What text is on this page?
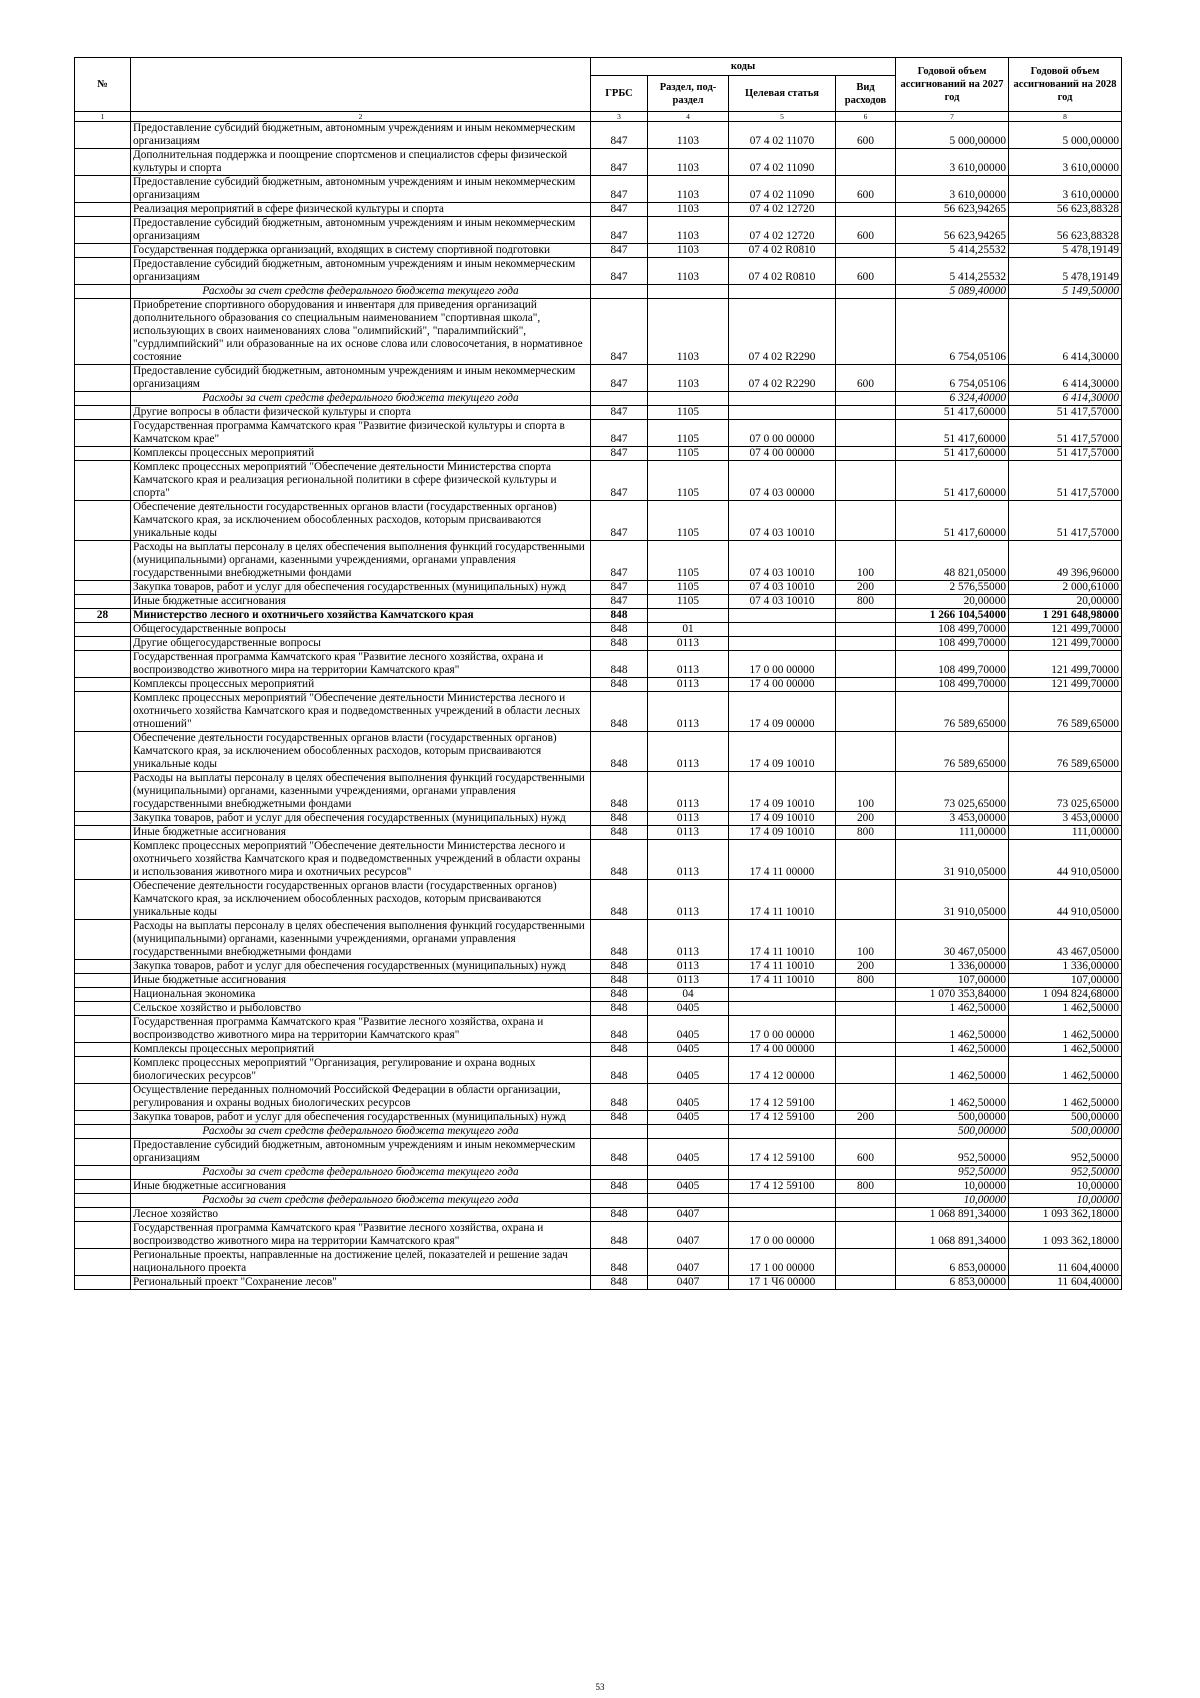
№		коды				Годовой объем ассигнований на 2027 год	Годовой объем ассигнований на 2028 год
		ГРБС	Раздел, под- раздел	Целевая статья	Вид расходов		
1	2	3	4	5	6	7	8
	Предоставление субсидий бюджетным, автономным учреждениям и иным некоммерческим организациям	847	1103	07 4 02 11070	600	5 000,00000	5 000,00000
	Дополнительная поддержка и поощрение спортсменов и специалистов сферы физической культуры и спорта	847	1103	07 4 02 11090		3 610,00000	3 610,00000
	Предоставление субсидий бюджетным, автономным учреждениям и иным некоммерческим организациям	847	1103	07 4 02 11090	600	3 610,00000	3 610,00000
	Реализация мероприятий в сфере физической культуры и спорта	847	1103	07 4 02 12720		56 623,94265	56 623,88328
	Предоставление субсидий бюджетным, автономным учреждениям и иным некоммерческим организациям	847	1103	07 4 02 12720	600	56 623,94265	56 623,88328
	Государственная поддержка организаций, входящих в систему спортивной подготовки	847	1103	07 4 02 R0810		5 414,25532	5 478,19149
	Предоставление субсидий бюджетным, автономным учреждениям и иным некоммерческим организациям	847	1103	07 4 02 R0810	600	5 414,25532	5 478,19149
	Расходы за счет средств федерального бюджета текущего года					5 089,40000	5 149,50000
	Приобретение спортивного оборудования и инвентаря для приведения организаций дополнительного образования со специальным наименованием "спортивная школа", использующих в своих наименованиях слова "олимпийский", "паралимпийский", "сурдлимпийский" или образованные на их основе слова или словосочетания, в нормативное состояние	847	1103	07 4 02 R2290		6 754,05106	6 414,30000
	Предоставление субсидий бюджетным, автономным учреждениям и иным некоммерческим организациям	847	1103	07 4 02 R2290	600	6 754,05106	6 414,30000
	Расходы за счет средств федерального бюджета текущего года					6 324,40000	6 414,30000
	Другие вопросы в области физической культуры и спорта	847	1105			51 417,60000	51 417,57000
	Государственная программа Камчатского края "Развитие физической культуры и спорта в Камчатском крае"	847	1105	07 0 00 00000		51 417,60000	51 417,57000
	Комплексы процессных мероприятий	847	1105	07 4 00 00000		51 417,60000	51 417,57000
	Комплекс процессных мероприятий "Обеспечение деятельности Министерства спорта Камчатского края и реализация региональной политики в сфере физической культуры и спорта"	847	1105	07 4 03 00000		51 417,60000	51 417,57000
	Обеспечение деятельности государственных органов власти (государственных органов) Камчатского края, за исключением обособленных расходов, которым присваиваются уникальные коды	847	1105	07 4 03 10010		51 417,60000	51 417,57000
	Расходы на выплаты персоналу в целях обеспечения выполнения функций государственными (муниципальными) органами, казенными учреждениями, органами управления государственными внебюджетными фондами	847	1105	07 4 03 10010	100	48 821,05000	49 396,96000
	Закупка товаров, работ и услуг для обеспечения государственных (муниципальных) нужд	847	1105	07 4 03 10010	200	2 576,55000	2 000,61000
	Иные бюджетные ассигнования	847	1105	07 4 03 10010	800	20,00000	20,00000
28	Министерство лесного и охотничьего хозяйства Камчатского края	848				1 266 104,54000	1 291 648,98000
	Общегосударственные вопросы	848	01			108 499,70000	121 499,70000
	Другие общегосударственные вопросы	848	0113			108 499,70000	121 499,70000
	Государственная программа Камчатского края "Развитие лесного хозяйства, охрана и воспроизводство животного мира на территории Камчатского края"	848	0113	17 0 00 00000		108 499,70000	121 499,70000
	Комплексы процессных мероприятий	848	0113	17 4 00 00000		108 499,70000	121 499,70000
	Комплекс процессных мероприятий "Обеспечение деятельности Министерства лесного и охотничьего хозяйства Камчатского края и подведомственных учреждений в области лесных отношений"	848	0113	17 4 09 00000		76 589,65000	76 589,65000
	Обеспечение деятельности государственных органов власти (государственных органов) Камчатского края, за исключением обособленных расходов, которым присваиваются уникальные коды	848	0113	17 4 09 10010		76 589,65000	76 589,65000
	Расходы на выплаты персоналу в целях обеспечения выполнения функций государственными (муниципальными) органами, казенными учреждениями, органами управления государственными внебюджетными фондами	848	0113	17 4 09 10010	100	73 025,65000	73 025,65000
	Закупка товаров, работ и услуг для обеспечения государственных (муниципальных) нужд	848	0113	17 4 09 10010	200	3 453,00000	3 453,00000
	Иные бюджетные ассигнования	848	0113	17 4 09 10010	800	111,00000	111,00000
	Комплекс процессных мероприятий "Обеспечение деятельности Министерства лесного и охотничьего хозяйства Камчатского края и подведомственных учреждений в области охраны и использования животного мира и охотничьих ресурсов"	848	0113	17 4 11 00000		31 910,05000	44 910,05000
	Обеспечение деятельности государственных органов власти (государственных органов) Камчатского края, за исключением обособленных расходов, которым присваиваются уникальные коды	848	0113	17 4 11 10010		31 910,05000	44 910,05000
	Расходы на выплаты персоналу в целях обеспечения выполнения функций государственными (муниципальными) органами, казенными учреждениями, органами управления государственными внебюджетными фондами	848	0113	17 4 11 10010	100	30 467,05000	43 467,05000
	Закупка товаров, работ и услуг для обеспечения государственных (муниципальных) нужд	848	0113	17 4 11 10010	200	1 336,00000	1 336,00000
	Иные бюджетные ассигнования	848	0113	17 4 11 10010	800	107,00000	107,00000
	Национальная экономика	848	04			1 070 353,84000	1 094 824,68000
	Сельское хозяйство и рыболовство	848	0405			1 462,50000	1 462,50000
	Государственная программа Камчатского края "Развитие лесного хозяйства, охрана и воспроизводство животного мира на территории Камчатского края"	848	0405	17 0 00 00000		1 462,50000	1 462,50000
	Комплексы процессных мероприятий	848	0405	17 4 00 00000		1 462,50000	1 462,50000
	Комплекс процессных мероприятий "Организация, регулирование и охрана водных биологических ресурсов"	848	0405	17 4 12 00000		1 462,50000	1 462,50000
	Осуществление переданных полномочий Российской Федерации в области организации, регулирования и охраны водных биологических ресурсов	848	0405	17 4 12 59100		1 462,50000	1 462,50000
	Закупка товаров, работ и услуг для обеспечения государственных (муниципальных) нужд	848	0405	17 4 12 59100	200	500,00000	500,00000
	Расходы за счет средств федерального бюджета текущего года					500,00000	500,00000
	Предоставление субсидий бюджетным, автономным учреждениям и иным некоммерческим организациям	848	0405	17 4 12 59100	600	952,50000	952,50000
	Расходы за счет средств федерального бюджета текущего года					952,50000	952,50000
	Иные бюджетные ассигнования	848	0405	17 4 12 59100	800	10,00000	10,00000
	Расходы за счет средств федерального бюджета текущего года					10,00000	10,00000
	Лесное хозяйство	848	0407			1 068 891,34000	1 093 362,18000
	Государственная программа Камчатского края "Развитие лесного хозяйства, охрана и воспроизводство животного мира на территории Камчатского края"	848	0407	17 0 00 00000		1 068 891,34000	1 093 362,18000
	Региональные проекты, направленные на достижение целей, показателей и решение задач национального проекта	848	0407	17 1 00 00000		6 853,00000	11 604,40000
	Региональный проект "Сохранение лесов"	848	0407	17 1 Ч6 00000		6 853,00000	11 604,40000
53
